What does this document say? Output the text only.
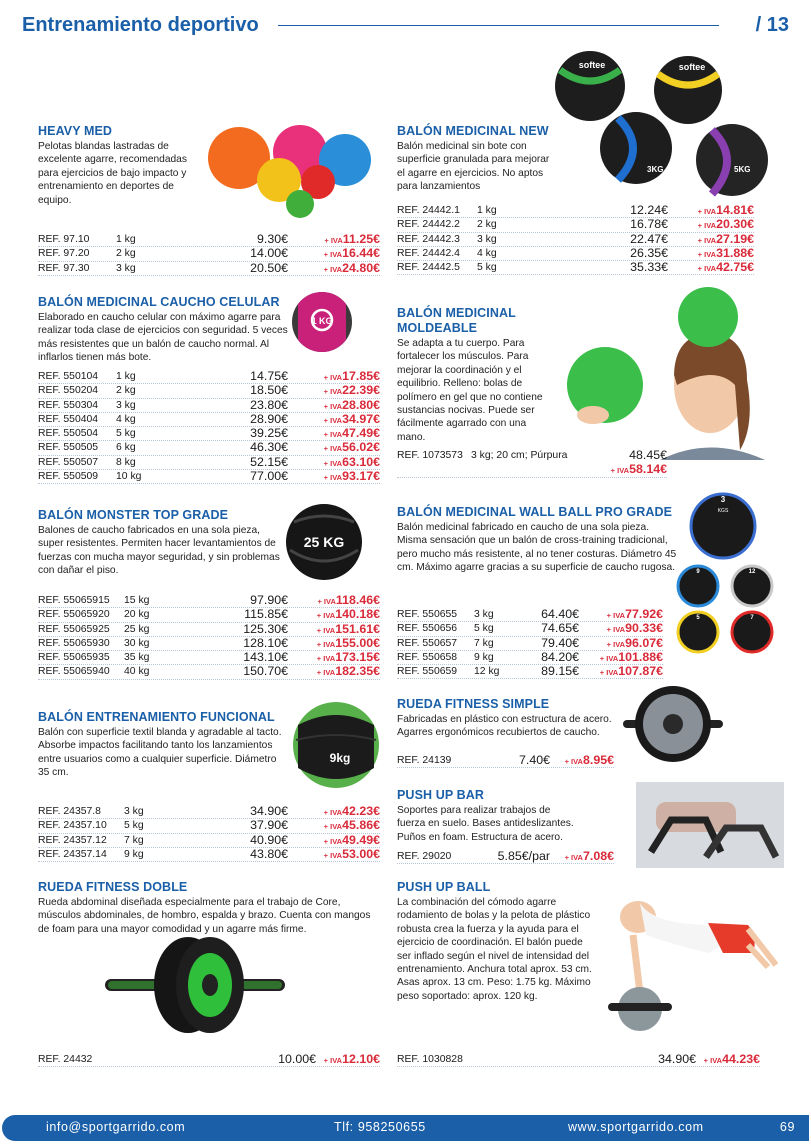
Entrenamiento deportivo	/ 13
HEAVY MED
Pelotas blandas lastradas de excelente agarre, recomendadas para ejercicios de bajo impacto y entrenamiento en deportes de equipo.
REF. 97.10	1 kg	9.30€	+ IVA11.25€
REF. 97.20	2 kg	14.00€	+ IVA16.44€
REF. 97.30	3 kg	20.50€	+ IVA24.80€
BALÓN MEDICINAL CAUCHO CELULAR
Elaborado en caucho celular con máximo agarre para realizar toda clase de ejercicios con seguridad. 5 veces más resistentes que un balón de caucho normal. Al inflarlos tienen más bote.
1 KG
REF. 550104 1 kg	14.75€	+ IVA17.85€
REF. 550204 2 kg	18.50€	+ IVA22.39€
REF. 550304 3 kg	23.80€	+ IVA28.80€
REF. 550404 4 kg	28.90€	+ IVA34.97€
REF. 550504 5 kg	39.25€	+ IVA47.49€
REF. 550505 6 kg	46.30€	+ IVA56.02€
REF. 550507 8 kg	52.15€	+ IVA63.10€
REF. 550509 10 kg	77.00€	+ IVA93.17€
BALÓN MONSTER TOP GRADE
Balones de caucho fabricados en una sola pieza, super resistentes. Permiten hacer levantamientos de fuerzas con mucha mayor seguridad, y sin problemas con dañar el piso.
25 KG
REF. 55065915 15 kg	97.90€	+ IVA118.46€
REF. 55065920 20 kg	115.85€	+ IVA140.18€
REF. 55065925 25 kg	125.30€	+ IVA151.61€
REF. 55065930 30 kg	128.10€	+ IVA155.00€
REF. 55065935 35 kg	143.10€	+ IVA173.15€
REF. 55065940 40 kg	150.70€	+ IVA182.35€
BALÓN ENTRENAMIENTO FUNCIONAL
Balón con superficie textil blanda y agradable al tacto. Absorbe impactos facilitando tanto los lanzamientos entre usuarios como a cualquier superficie. Diámetro 35 cm.
9kg
REF. 24357.8 3 kg	34.90€	+ IVA42.23€
REF. 24357.10 5 kg	37.90€	+ IVA45.86€
REF. 24357.12 7 kg	40.90€	+ IVA49.49€
REF. 24357.14 9 kg	43.80€	+ IVA53.00€
RUEDA FITNESS DOBLE
Rueda abdominal diseñada especialmente para el trabajo de Core, músculos abdominales, de hombro, espalda y brazo. Cuenta con mangos de foam para una mayor comodidad y un agarre más firme.
REF. 24432	10.00€ + IVA12.10€
softee	softee
3KG	5KG
BALÓN MEDICINAL NEW
Balón medicinal sin bote con superficie granulada para mejorar el agarre en ejercicios. No aptos para lanzamientos
REF. 24442.1 1 kg	12.24€	+ IVA14.81€
REF. 24442.2 2 kg	16.78€	+ IVA20.30€
REF. 24442.3 3 kg	22.47€	+ IVA27.19€
REF. 24442.4 4 kg	26.35€	+ IVA31.88€
REF. 24442.5 5 kg	35.33€	+ IVA42.75€
BALÓN MEDICINAL MOLDEABLE
Se adapta a tu cuerpo. Para fortalecer los músculos. Para mejorar la coordinación y el equilibrio. Relleno: bolas de polímero en gel que no contiene sustancias nocivas. Puede ser fácilmente agarrado con una mano.
REF. 1073573 3 kg; 20 cm; Púrpura	48.45€
+ IVA58.14€
BALÓN MEDICINAL WALL BALL PRO GRADE
Balón medicinal fabricado en caucho de una sola pieza. Misma sensación que un balón de cross-training tradicional, pero mucho más resistente, al no tener costuras. Diámetro 45 cm. Máximo agarre gracias a su superficie de caucho rugosa.
3
KGS
9	12
5	7
REF. 550655 3 kg	64.40€	+ IVA77.92€
REF. 550656 5 kg	74.65€	+ IVA90.33€
REF. 550657 7 kg	79.40€	+ IVA96.07€
REF. 550658 9 kg	84.20€	+ IVA101.88€
REF. 550659 12 kg	89.15€	+ IVA107.87€
RUEDA FITNESS SIMPLE
Fabricadas en plástico con estructura de acero. Agarres ergonómicos recubiertos de caucho.
REF. 24139	7.40€ + IVA8.95€
PUSH UP BAR
Soportes para realizar trabajos de fuerza en suelo. Bases antideslizantes. Puños en foam. Estructura de acero.
REF. 29020	5.85€/par + IVA7.08€
PUSH UP BALL
La combinación del cómodo agarre rodamiento de bolas y la pelota de plástico robusta crea la fuerza y la ayuda para el ejercicio de coordinación. El balón puede ser inflado según el nivel de intensidad del entrenamiento. Anchura total aprox. 53 cm. Asas aprox. 13 cm. Peso: 1.75 kg. Máximo peso soportado: aprox. 120 kg.
REF. 1030828	34.90€ + IVA44.23€
info@sportgarrido.com	Tlf: 958250655	www.sportgarrido.com	69
